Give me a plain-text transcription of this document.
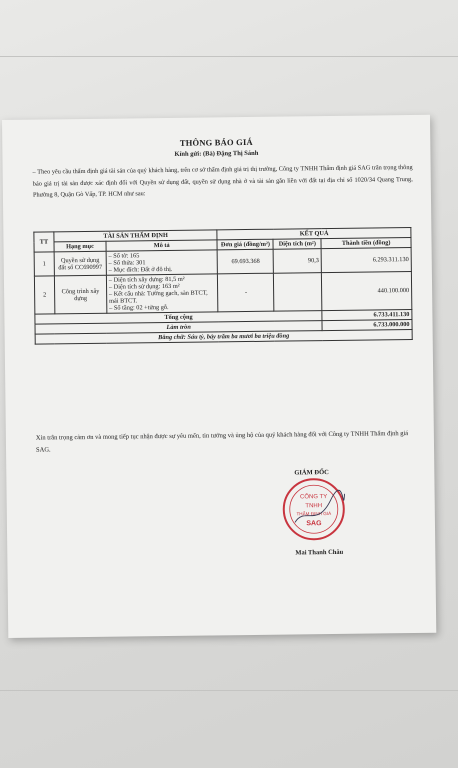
THÔNG BÁO GIÁ
Kính gửi: (Bà) Đặng Thị Sánh
– Theo yêu cầu thẩm định giá tài sản của quý khách hàng, trên cơ sở thẩm định giá trị thị trường, Công ty TNHH Thẩm định giá SAG trân trọng thông báo giá trị tài sản được xác định đối với Quyền sử dụng đất, quyền sử dụng nhà ở và tài sản gắn liền với đất tại địa chỉ số 1020/34 Quang Trung, Phường 8, Quận Gò Vấp, TP. HCM như sau:
TT	TÀI SẢN THẨM ĐỊNH		KẾT QUẢ		
	Hạng mục	Mô tả	Đơn giá (đồng/m²)	Diện tích (m²)	Thành tiền (đồng)
1	Quyền sử dụng đất số CC690997	– Số tờ: 165
– Số thửa: 301
– Mục đích: Đất ở đô thị.	69.693.368	90,3	6.293.311.130
2	Công trình xây dựng	– Diện tích xây dựng: 81,5 m²
– Diện tích sử dụng: 163 m²
– Kết cấu nhà: Tường gạch, sàn BTCT, mái BTCT.
– Số tầng: 02 +tửng gỗ.	-		440.100.000
Tổng cộng					6.733.411.130
Làm tròn					6.733.000.000
Bằng chữ: Sáu tỷ, bảy trăm ba mươi ba triệu đồng					
Xin trân trọng cảm ơn và mong tiếp tục nhận được sự yêu mến, tin tưởng và ủng hộ của quý khách hàng đối với Công ty TNHH Thẩm định giá SAG.
GIÁM ĐỐC
CÔNG TY
TNHH
THẨM ĐỊNH GIÁ
SAG
Mai Thanh Châu
